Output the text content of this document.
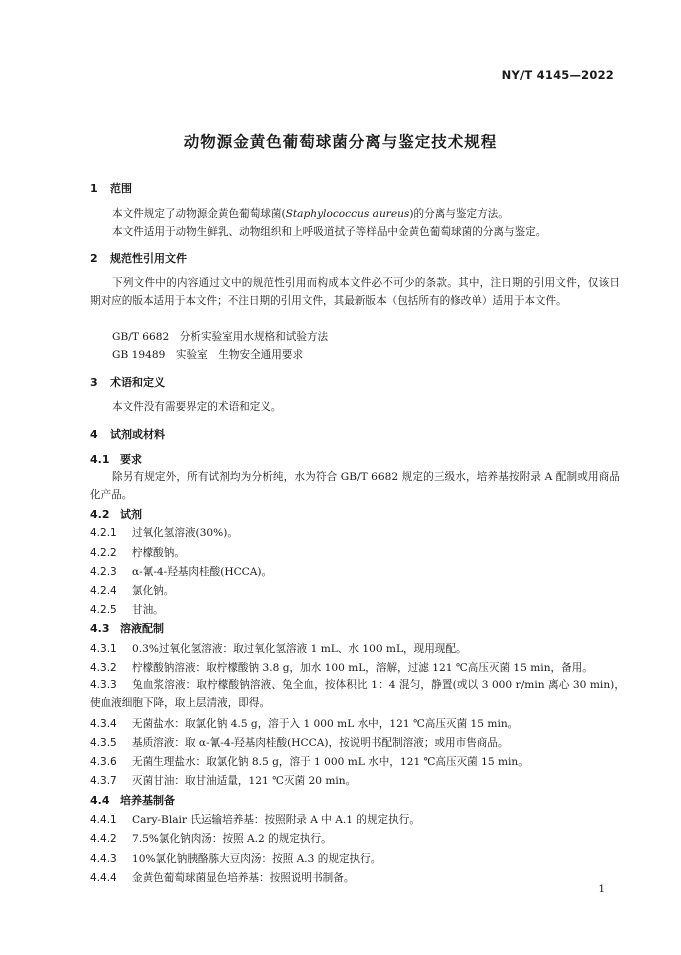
NY/T 4145—2022
动物源金黄色葡萄球菌分离与鉴定技术规程
1 范围
本文件规定了动物源金黄色葡萄球菌(Staphylococcus aureus)的分离与鉴定方法。
本文件适用于动物生鲜乳、动物组织和上呼吸道拭子等样品中金黄色葡萄球菌的分离与鉴定。
2 规范性引用文件
下列文件中的内容通过文中的规范性引用而构成本文件必不可少的条款。其中，注日期的引用文件，仅该日期对应的版本适用于本文件；不注日期的引用文件，其最新版本（包括所有的修改单）适用于本文件。
GB/T 6682　分析实验室用水规格和试验方法
GB 19489　实验室　生物安全通用要求
3 术语和定义
本文件没有需要界定的术语和定义。
4 试剂或材料
4.1 要求
除另有规定外，所有试剂均为分析纯，水为符合 GB/T 6682 规定的三级水，培养基按附录 A 配制或用商品化产品。
4.2 试剂
4.2.1 过氧化氢溶液(30%)。
4.2.2 柠檬酸钠。
4.2.3 α-氰-4-羟基肉桂酸(HCCA)。
4.2.4 氯化钠。
4.2.5 甘油。
4.3 溶液配制
4.3.1 0.3%过氧化氢溶液：取过氧化氢溶液 1 mL、水 100 mL，现用现配。
4.3.2 柠檬酸钠溶液：取柠檬酸钠 3.8 g，加水 100 mL，溶解，过滤 121 ℃高压灭菌 15 min，备用。
4.3.3 兔血浆溶液：取柠檬酸钠溶液、兔全血，按体积比 1：4 混匀，静置(或以 3 000 r/min 离心 30 min)，使血液细胞下降，取上层清液，即得。
4.3.4 无菌盐水：取氯化钠 4.5 g，溶于入 1 000 mL 水中，121 ℃高压灭菌 15 min。
4.3.5 基质溶液：取 α-氰-4-羟基肉桂酸(HCCA)，按说明书配制溶液；或用市售商品。
4.3.6 无菌生理盐水：取氯化钠 8.5 g，溶于 1 000 mL 水中，121 ℃高压灭菌 15 min。
4.3.7 灭菌甘油：取甘油适量，121 ℃灭菌 20 min。
4.4 培养基制备
4.4.1 Cary-Blair 氏运输培养基：按照附录 A 中 A.1 的规定执行。
4.4.2 7.5%氯化钠肉汤：按照 A.2 的规定执行。
4.4.3 10%氯化钠胰酪胨大豆肉汤：按照 A.3 的规定执行。
4.4.4 金黄色葡萄球菌显色培养基：按照说明书制备。
1
